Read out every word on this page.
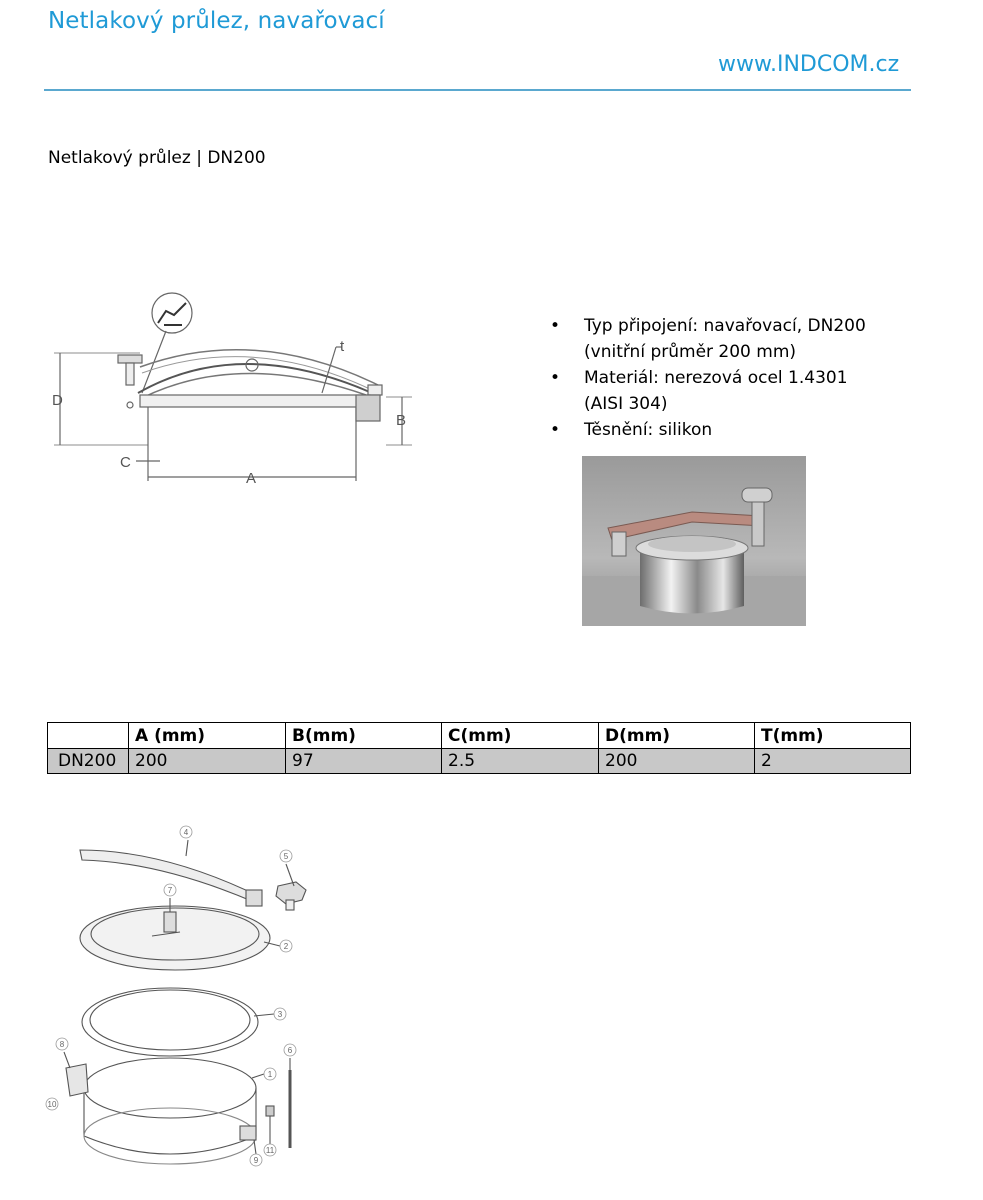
Netlakový průlez, navařovací
www.INDCOM.cz
Netlakový průlez | DN200
D
B
C
A
t
• Typ připojení: navařovací, DN200
(vnitřní průměr 200 mm)
• Materiál: nerezová ocel 1.4301
(AISI 304)
• Těsnění: silikon
	A (mm)	B(mm)	C(mm)	D(mm)	T(mm)
DN200	200	97	2.5	200	2
4
5
7
2
3
1
6
8
9
10
11
